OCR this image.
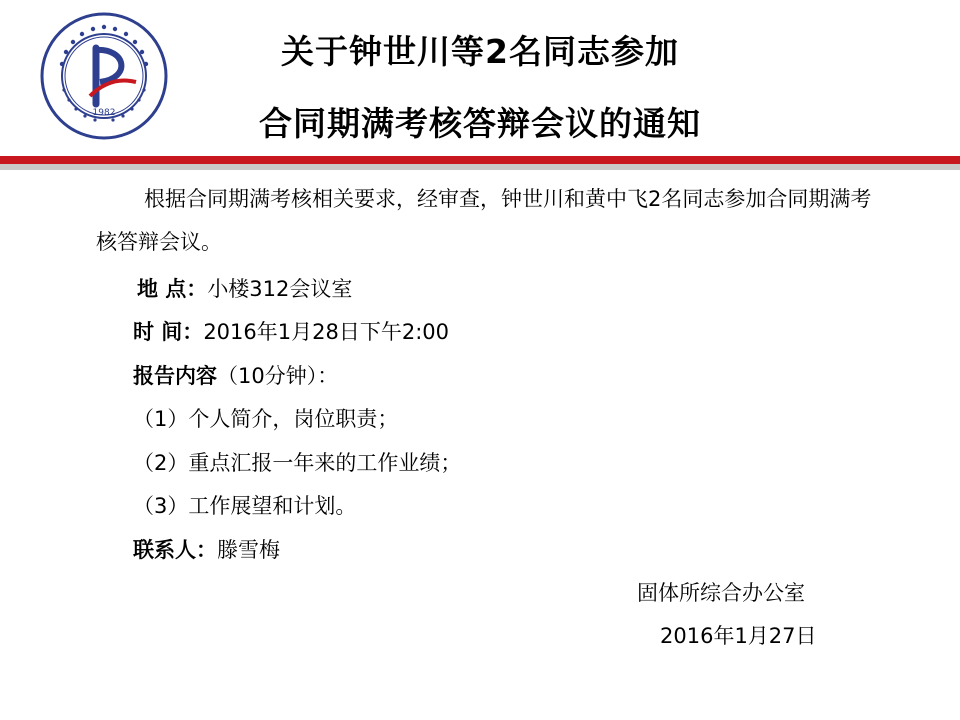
1982
关于钟世川等2名同志参加
合同期满考核答辩会议的通知

根据合同期满考核相关要求，经审查，钟世川和黄中飞2名同志参加合同期满考核答辩会议。

地 点：小楼312会议室
时 间：2016年1月28日下午2:00
报告内容（10分钟）：
（1）个人简介，岗位职责；
（2）重点汇报一年来的工作业绩；
（3）工作展望和计划。
联系人：滕雪梅
固体所综合办公室
2016年1月27日
